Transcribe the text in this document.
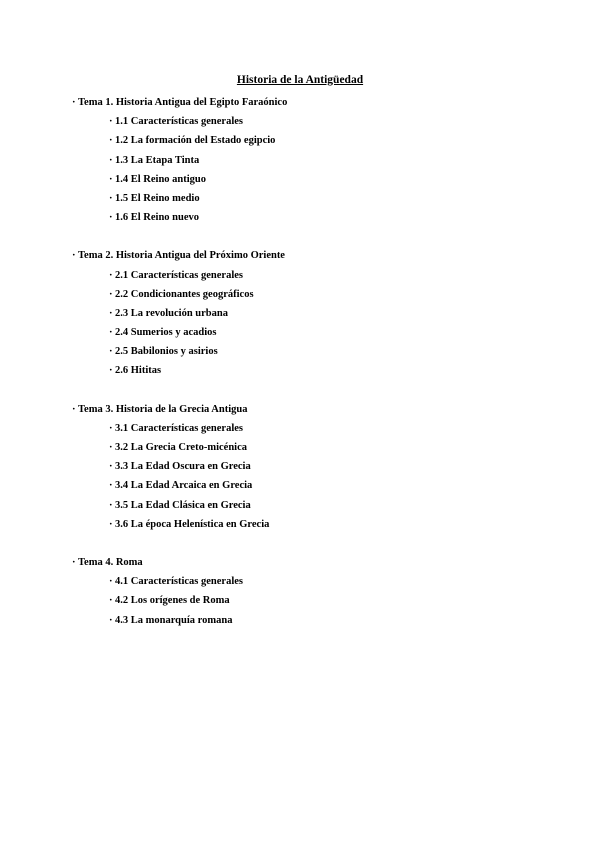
Historia de la Antigüedad
· Tema 1. Historia Antigua del Egipto Faraónico
· 1.1 Características generales
· 1.2 La formación del Estado egipcio
· 1.3 La Etapa Tinta
· 1.4 El Reino antiguo
· 1.5 El Reino medio
· 1.6 El Reino nuevo
· Tema 2. Historia Antigua del Próximo Oriente
· 2.1 Características generales
· 2.2 Condicionantes geográficos
· 2.3 La revolución urbana
· 2.4 Sumerios y acadios
· 2.5 Babilonios y asirios
· 2.6 Hititas
· Tema 3. Historia de la Grecia Antigua
· 3.1 Características generales
· 3.2 La Grecia Creto-micénica
· 3.3 La Edad Oscura en Grecia
· 3.4 La Edad Arcaica en Grecia
· 3.5 La Edad Clásica en Grecia
· 3.6 La época Helenística en Grecia
· Tema 4. Roma
· 4.1 Características generales
· 4.2 Los orígenes de Roma
· 4.3 La monarquía romana
